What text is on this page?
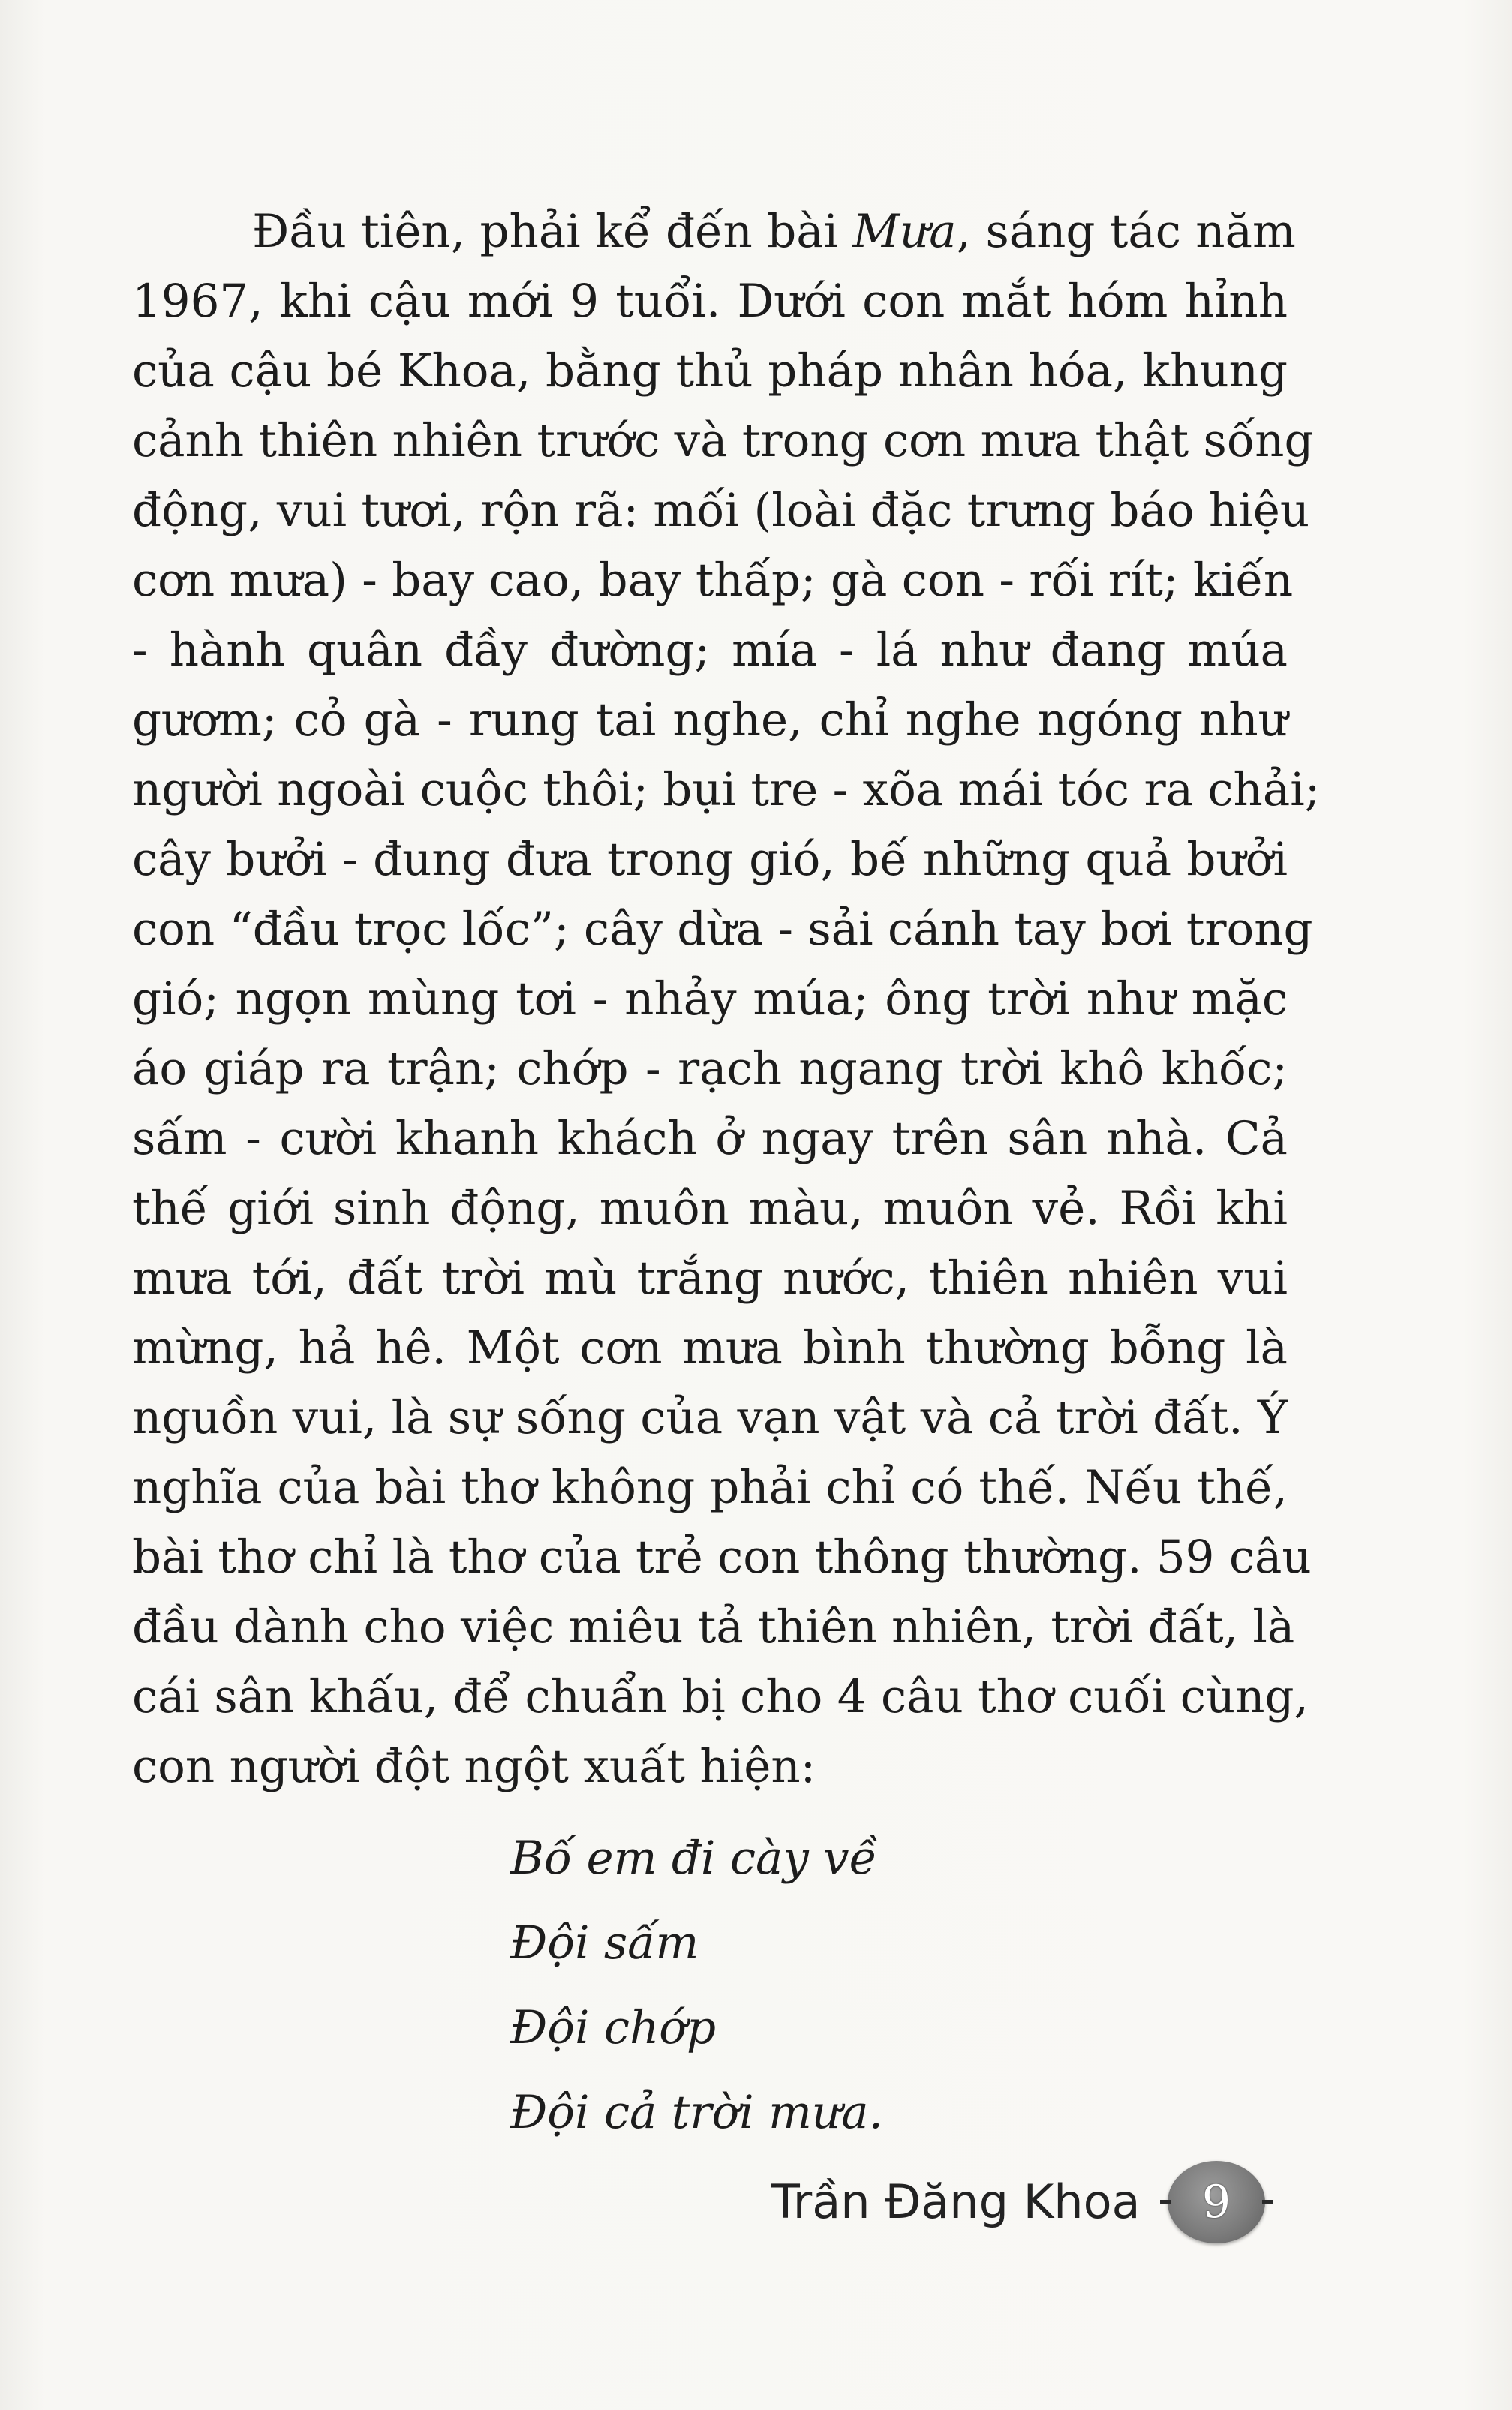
Đầu tiên, phải kể đến bài Mưa, sáng tác năm
1967, khi cậu mới 9 tuổi. Dưới con mắt hóm hỉnh
của cậu bé Khoa, bằng thủ pháp nhân hóa, khung
cảnh thiên nhiên trước và trong cơn mưa thật sống
động, vui tươi, rộn rã: mối (loài đặc trưng báo hiệu
cơn mưa) - bay cao, bay thấp; gà con - rối rít; kiến
- hành quân đầy đường; mía - lá như đang múa
gươm; cỏ gà - rung tai nghe, chỉ nghe ngóng như
người ngoài cuộc thôi; bụi tre - xõa mái tóc ra chải;
cây bưởi - đung đưa trong gió, bế những quả bưởi
con “đầu trọc lốc”; cây dừa - sải cánh tay bơi trong
gió; ngọn mùng tơi - nhảy múa; ông trời như mặc
áo giáp ra trận; chớp - rạch ngang trời khô khốc;
sấm - cười khanh khách ở ngay trên sân nhà. Cả
thế giới sinh động, muôn màu, muôn vẻ. Rồi khi
mưa tới, đất trời mù trắng nước, thiên nhiên vui
mừng, hả hê. Một cơn mưa bình thường bỗng là
nguồn vui, là sự sống của vạn vật và cả trời đất. Ý
nghĩa của bài thơ không phải chỉ có thế. Nếu thế,
bài thơ chỉ là thơ của trẻ con thông thường. 59 câu
đầu dành cho việc miêu tả thiên nhiên, trời đất, là
cái sân khấu, để chuẩn bị cho 4 câu thơ cuối cùng,
con người đột ngột xuất hiện:
Bố em đi cày về
Đội sấm
Đội chớp
Đội cả trời mưa.
Trần Đăng Khoa	9
